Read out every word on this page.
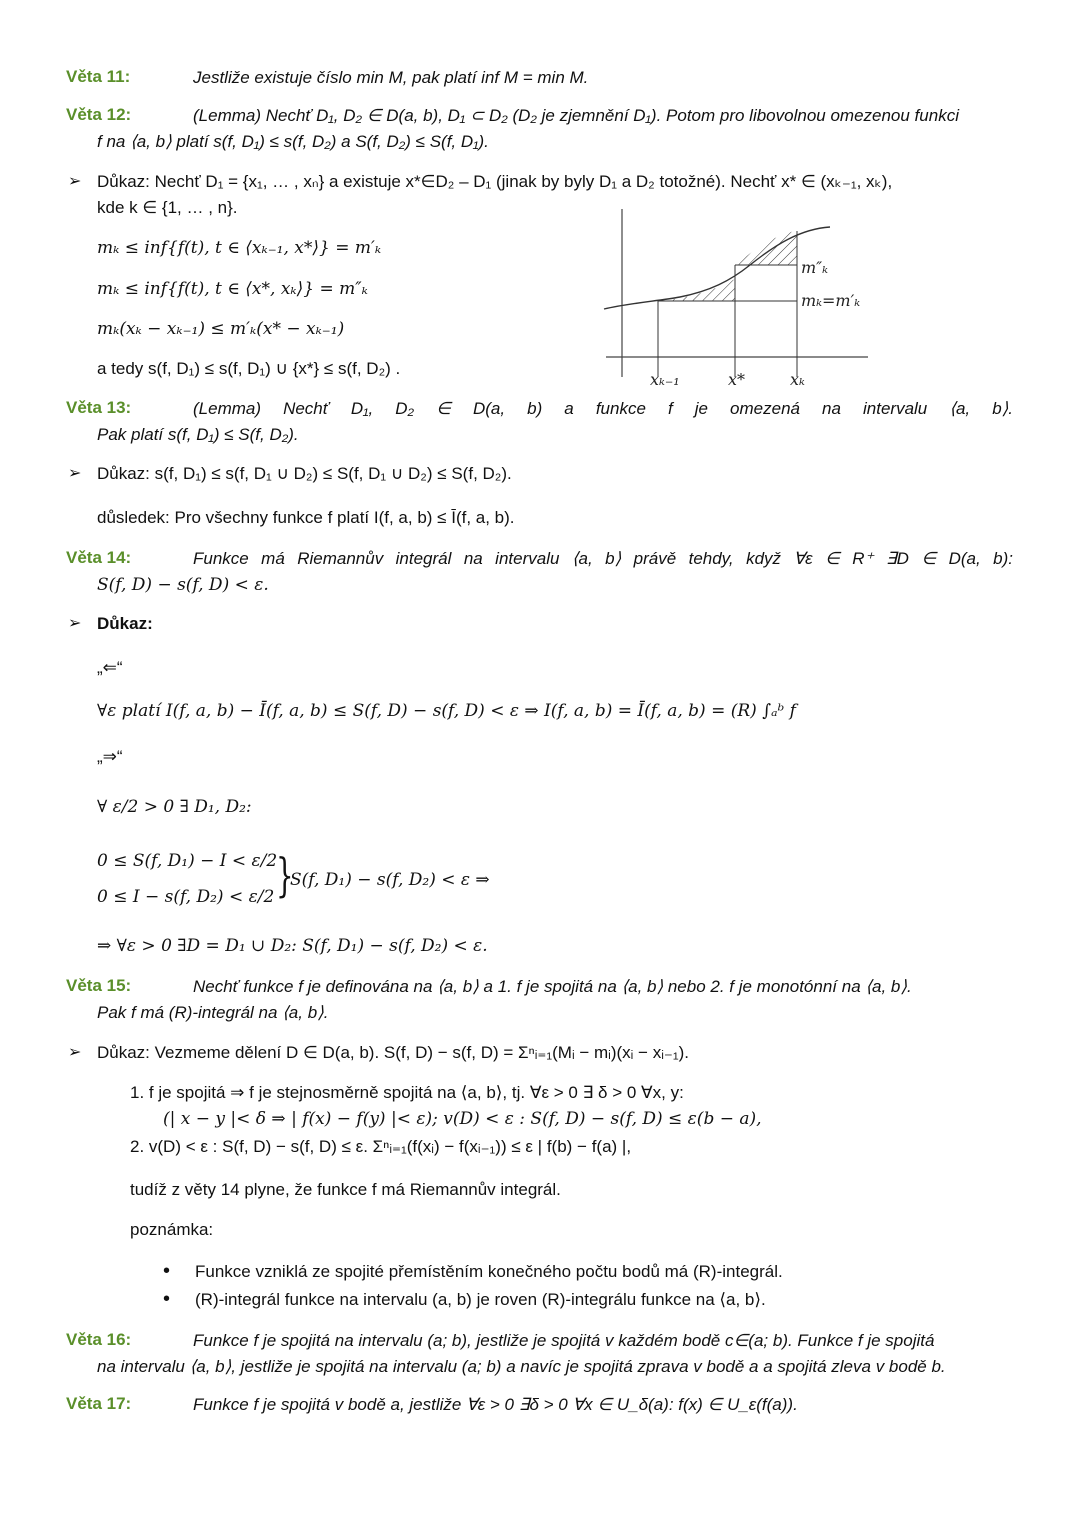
Věta 11:	Jestliže existuje číslo min M, pak platí inf M = min M.
Věta 12:	(Lemma) Nechť D₁, D₂ ∈ D(a, b), D₁ ⊂ D₂ (D₂ je zjemnění D₁). Potom pro libovolnou omezenou funkci
f na ⟨a, b⟩ platí s(f, D₁) ≤ s(f, D₂) a S(f, D₂) ≤ S(f, D₁).
➢ Důkaz: Nechť D₁ = {x₁, … , xₙ} a existuje x*∈D₂ – D₁ (jinak by byly D₁ a D₂ totožné). Nechť x* ∈ (xₖ₋₁, xₖ),
kde k ∈ {1, … , n}.
mₖ ≤ inf{f(t), t ∈ ⟨xₖ₋₁, x*⟩} = m′ₖ
mₖ ≤ inf{f(t), t ∈ ⟨x*, xₖ⟩} = m″ₖ
mₖ(xₖ − xₖ₋₁) ≤ m′ₖ(x* − xₖ₋₁)
a tedy s(f, D₁) ≤ s(f, D₁) ∪ {x*} ≤ s(f, D₂) .
m″ₖ
mₖ=m′ₖ
xₖ₋₁	x*	xₖ
Věta 13:	(Lemma) Nechť D₁, D₂ ∈ D(a, b) a funkce f je omezená na intervalu ⟨a, b⟩.
Pak platí s(f, D₁) ≤ S(f, D₂).
➢ Důkaz: s(f, D₁) ≤ s(f, D₁ ∪ D₂) ≤ S(f, D₁ ∪ D₂) ≤ S(f, D₂).
důsledek: Pro všechny funkce f platí I(f, a, b) ≤ Ī(f, a, b).
Věta 14:	Funkce má Riemannův integrál na intervalu ⟨a, b⟩ právě tehdy, když ∀ε ∈ R⁺ ∃D ∈ D(a, b):
S(f, D) − s(f, D) < ε.
➢ Důkaz:
„⇐“
∀ε platí I(f, a, b) − Ī(f, a, b) ≤ S(f, D) − s(f, D) < ε ⇒ I(f, a, b) = Ī(f, a, b) = (R) ∫ₐᵇ f
„⇒“
∀ ε/2 > 0 ∃ D₁, D₂:
0 ≤ S(f, D₁) − I < ε/2
0 ≤ I − s(f, D₂) < ε/2 }
S(f, D₁) − s(f, D₂) < ε ⇒
⇒ ∀ε > 0 ∃D = D₁ ∪ D₂: S(f, D₁) − s(f, D₂) < ε.
Věta 15:	Nechť funkce f je definována na ⟨a, b⟩ a 1. f je spojitá na ⟨a, b⟩ nebo 2. f je monotónní na ⟨a, b⟩.
Pak f má (R)-integrál na ⟨a, b⟩.
➢ Důkaz: Vezmeme dělení D ∈ D(a, b). S(f, D) − s(f, D) = Σⁿᵢ₌₁(Mᵢ − mᵢ)(xᵢ − xᵢ₋₁).
1. f je spojitá ⇒ f je stejnosměrně spojitá na ⟨a, b⟩, tj. ∀ε > 0 ∃ δ > 0 ∀x, y:
(| x − y |< δ ⇒ | f(x) − f(y) |< ε); v(D) < ε : S(f, D) − s(f, D) ≤ ε(b − a),
2. v(D) < ε : S(f, D) − s(f, D) ≤ ε. Σⁿᵢ₌₁(f(xᵢ) − f(xᵢ₋₁)) ≤ ε | f(b) − f(a) |,
tudíž z věty 14 plyne, že funkce f má Riemannův integrál.
poznámka:
• Funkce vzniklá ze spojité přemístěním konečného počtu bodů má (R)-integrál.
• (R)-integrál funkce na intervalu (a, b) je roven (R)-integrálu funkce na ⟨a, b⟩.
Věta 16:	Funkce f je spojitá na intervalu (a; b), jestliže je spojitá v každém bodě c∈(a; b). Funkce f je spojitá
na intervalu ⟨a, b⟩, jestliže je spojitá na intervalu (a; b) a navíc je spojitá zprava v bodě a a spojitá zleva v bodě b.
Věta 17:	Funkce f je spojitá v bodě a, jestliže ∀ε > 0 ∃δ > 0 ∀x ∈ U_δ(a): f(x) ∈ U_ε(f(a)).
